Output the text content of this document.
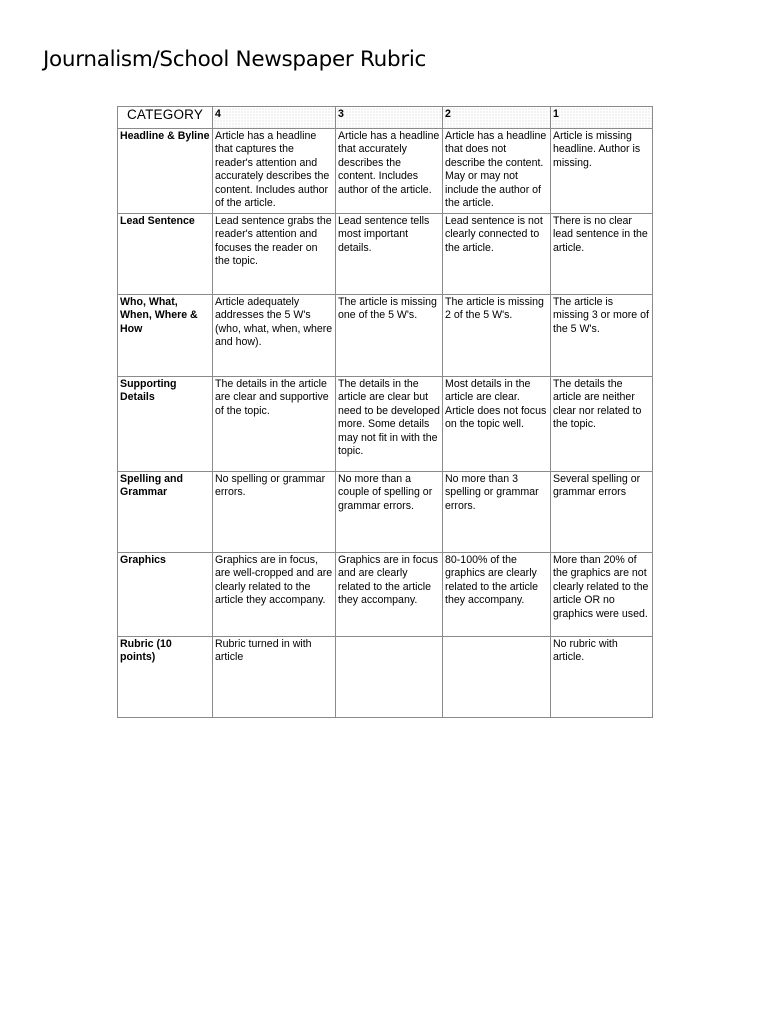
Journalism/School Newspaper Rubric
CATEGORY	4	3	2	1
Headline & Byline	Article has a headline that captures the reader's attention and accurately describes the content. Includes author of the article.	Article has a headline that accurately describes the content. Includes author of the article.	Article has a headline that does not describe the content. May or may not include the author of the article.	Article is missing headline. Author is missing.
Lead Sentence	Lead sentence grabs the reader's attention and focuses the reader on the topic.	Lead sentence tells most important details.	Lead sentence is not clearly connected to the article.	There is no clear lead sentence in the article.
Who, What, When, Where & How	Article adequately addresses the 5 W's (who, what, when, where and how).	The article is missing one of the 5 W's.	The article is missing 2 of the 5 W's.	The article is missing 3 or more of the 5 W's.
Supporting Details	The details in the article are clear and supportive of the topic.	The details in the article are clear but need to be developed more. Some details may not fit in with the topic.	Most details in the article are clear. Article does not focus on the topic well.	The details the article are neither clear nor related to the topic.
Spelling and Grammar	No spelling or grammar errors.	No more than a couple of spelling or grammar errors.	No more than 3 spelling or grammar errors.	Several spelling or grammar errors
Graphics	Graphics are in focus, are well-cropped and are clearly related to the article they accompany.	Graphics are in focus and are clearly related to the article they accompany.	80-100% of the graphics are clearly related to the article they accompany.	More than 20% of the graphics are not clearly related to the article OR no graphics were used.
Rubric (10 points)	Rubric turned in with article			No rubric with article.
